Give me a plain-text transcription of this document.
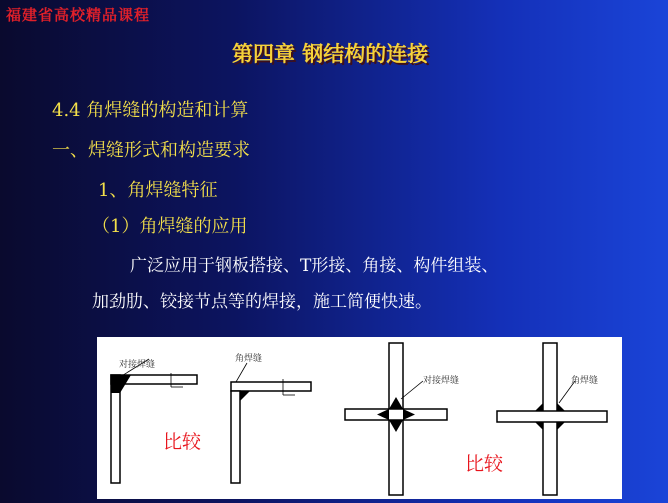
福建省高校精品课程
第四章 钢结构的连接
4.4 角焊缝的构造和计算
一、焊缝形式和构造要求
1、角焊缝特征
（1）角焊缝的应用
广泛应用于钢板搭接、T形接、角接、构件组装、
加劲肋、铰接节点等的焊接，施工简便快速。
对接焊缝
角焊缝
对接焊缝	角焊缝
比较
比较
